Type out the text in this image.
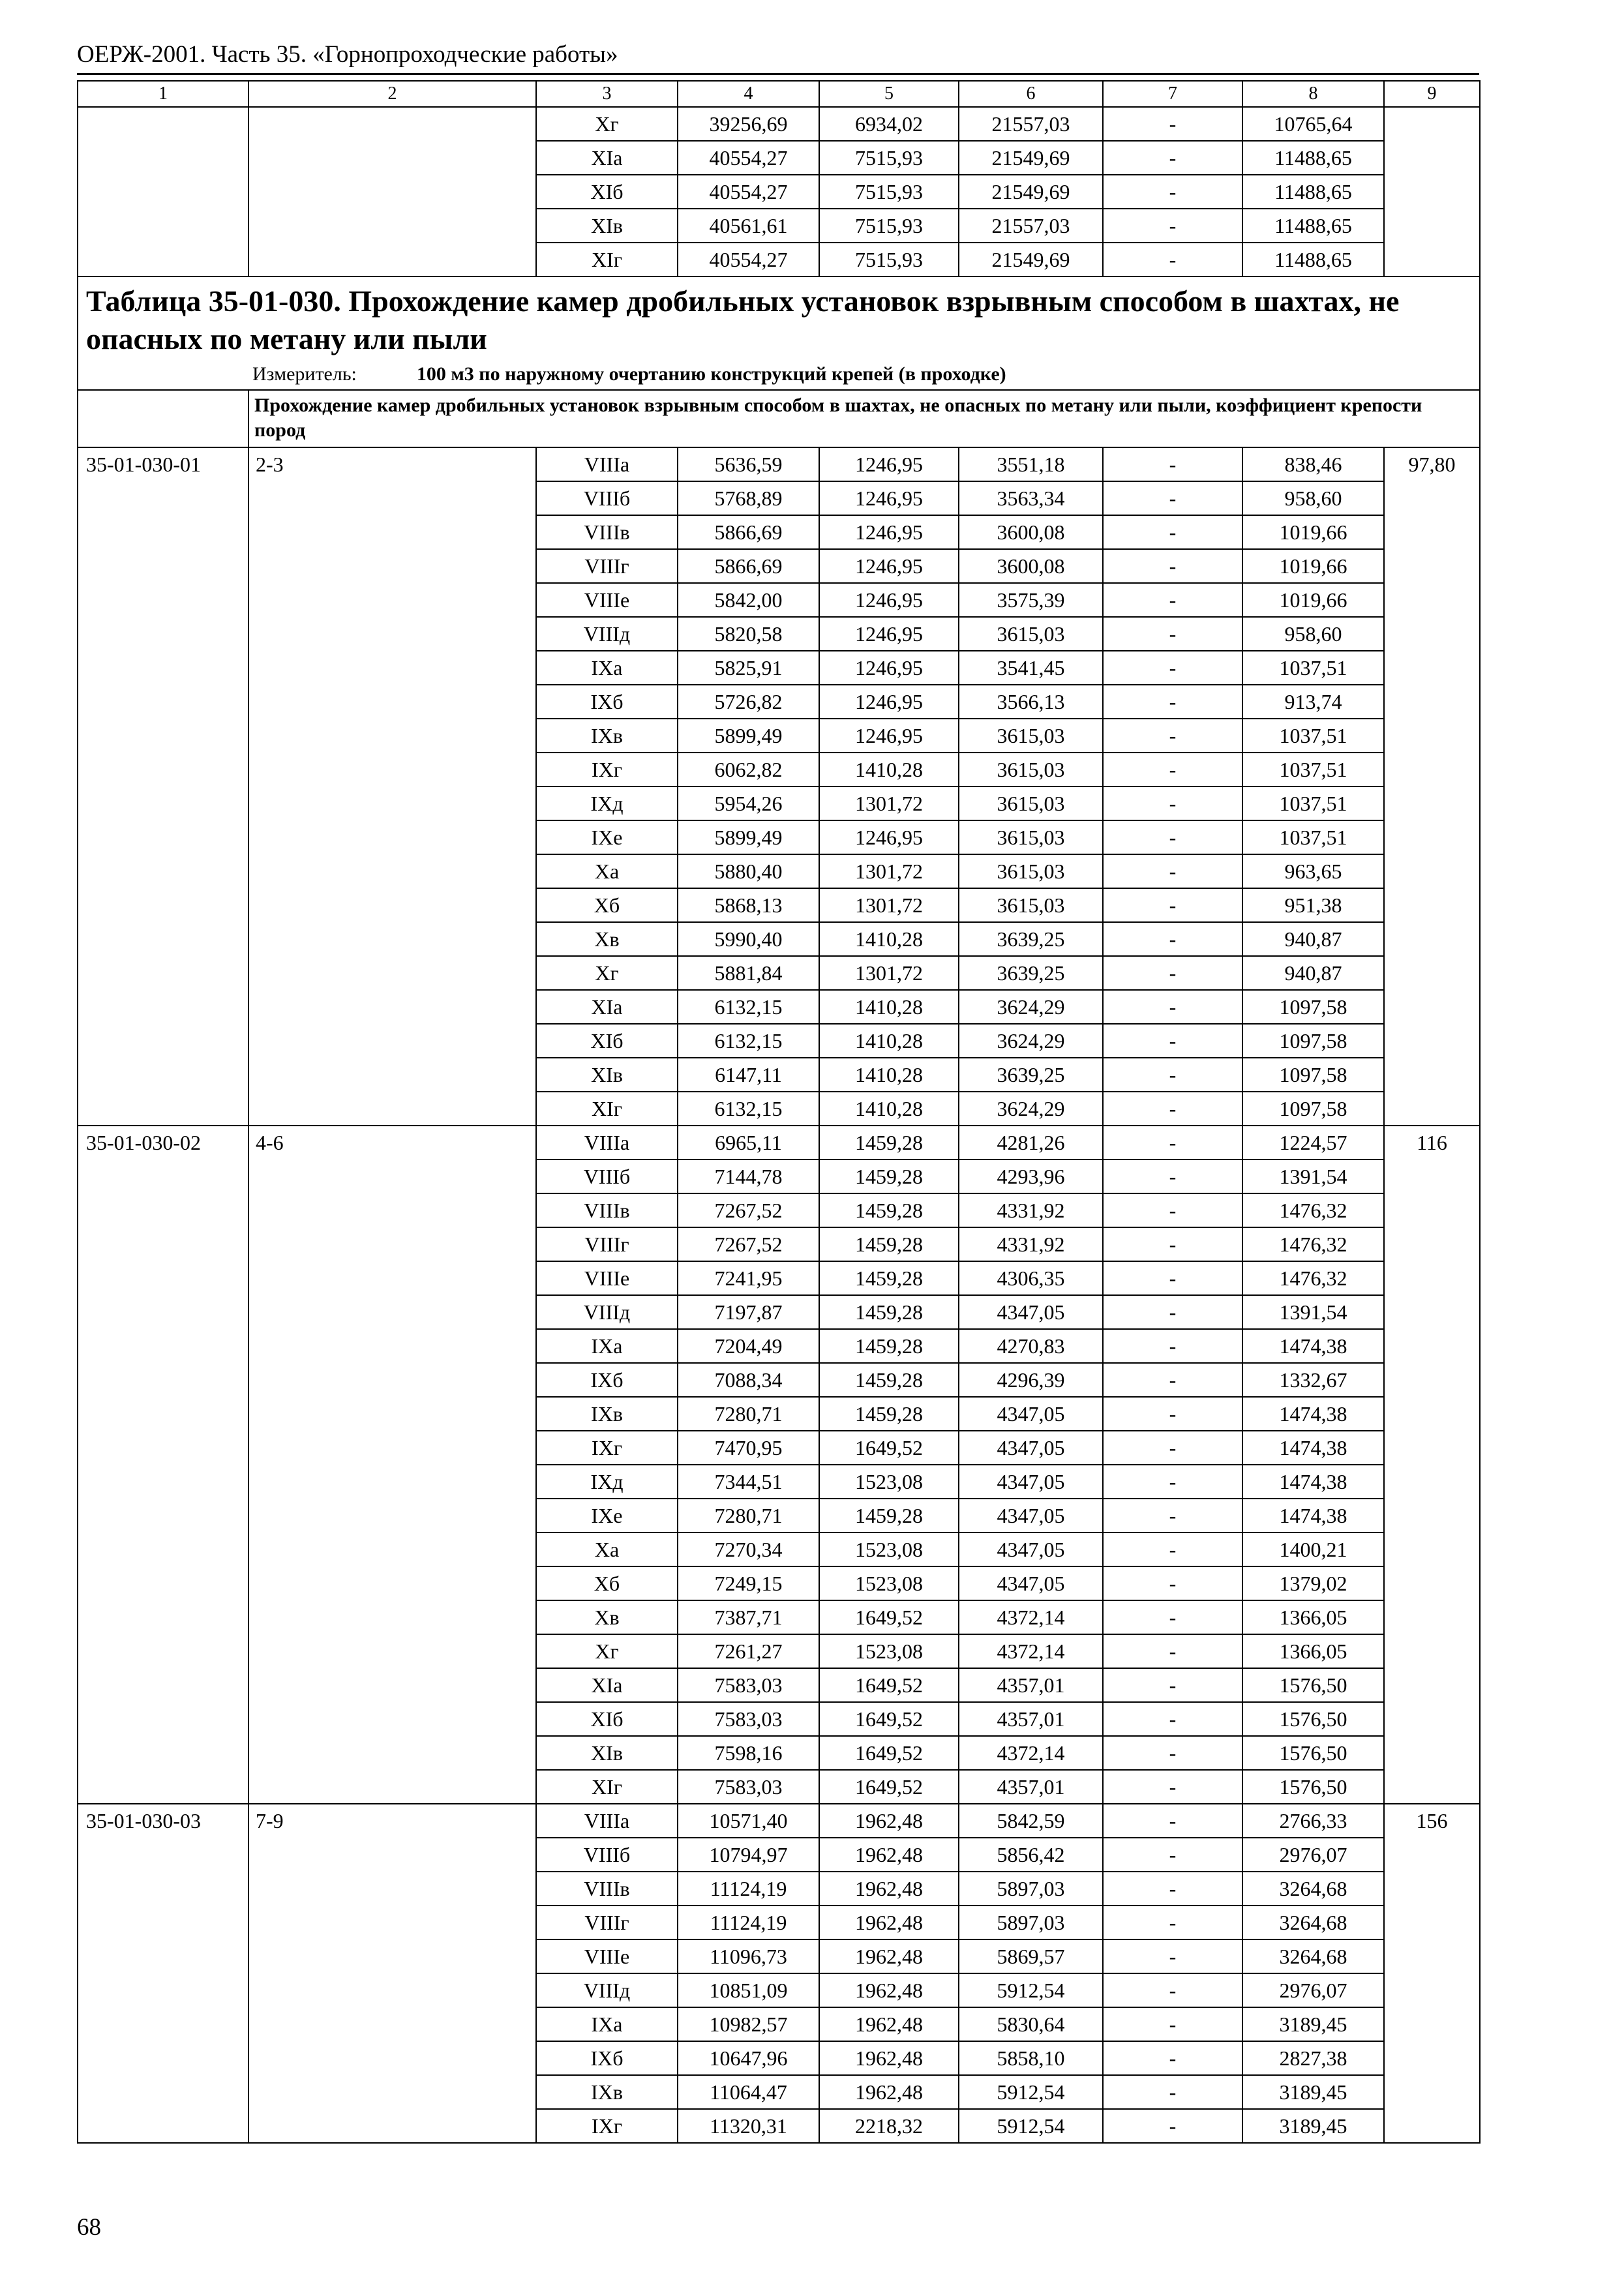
ОЕРЖ-2001. Часть 35. «Горнопроходческие работы»
1	2	3	4	5	6	7	8	9
		Хг	39256,69	6934,02	21557,03	-	10765,64	
		XIа	40554,27	7515,93	21549,69	-	11488,65	
		XIб	40554,27	7515,93	21549,69	-	11488,65	
		XIв	40561,61	7515,93	21557,03	-	11488,65	
		XIг	40554,27	7515,93	21549,69	-	11488,65	

Таблица 35-01-030. Прохождение камер дробильных установок взрывным способом в шахтах, не опасных по метану или пыли								

	Измеритель: 100 м3 по наружному очертанию конструкций крепей (в проходке)							
	Прохождение камер дробильных установок взрывным способом в шахтах, не опасных по метану или пыли, коэффициент крепости пород							
35-01-030-01	2-3	VIIIа	5636,59	1246,95	3551,18	-	838,46	97,80
		VIIIб	5768,89	1246,95	3563,34	-	958,60	
		VIIIв	5866,69	1246,95	3600,08	-	1019,66	
		VIIIг	5866,69	1246,95	3600,08	-	1019,66	
		VIIIе	5842,00	1246,95	3575,39	-	1019,66	
		VIIIд	5820,58	1246,95	3615,03	-	958,60	
		IXа	5825,91	1246,95	3541,45	-	1037,51	
		IXб	5726,82	1246,95	3566,13	-	913,74	
		IXв	5899,49	1246,95	3615,03	-	1037,51	
		IXг	6062,82	1410,28	3615,03	-	1037,51	
		IXд	5954,26	1301,72	3615,03	-	1037,51	
		IXе	5899,49	1246,95	3615,03	-	1037,51	
		Ха	5880,40	1301,72	3615,03	-	963,65	
		Хб	5868,13	1301,72	3615,03	-	951,38	
		Хв	5990,40	1410,28	3639,25	-	940,87	
		Хг	5881,84	1301,72	3639,25	-	940,87	
		XIа	6132,15	1410,28	3624,29	-	1097,58	
		XIб	6132,15	1410,28	3624,29	-	1097,58	
		XIв	6147,11	1410,28	3639,25	-	1097,58	
		XIг	6132,15	1410,28	3624,29	-	1097,58	
35-01-030-02	4-6	VIIIа	6965,11	1459,28	4281,26	-	1224,57	116
		VIIIб	7144,78	1459,28	4293,96	-	1391,54	
		VIIIв	7267,52	1459,28	4331,92	-	1476,32	
		VIIIг	7267,52	1459,28	4331,92	-	1476,32	
		VIIIе	7241,95	1459,28	4306,35	-	1476,32	
		VIIIд	7197,87	1459,28	4347,05	-	1391,54	
		IXа	7204,49	1459,28	4270,83	-	1474,38	
		IXб	7088,34	1459,28	4296,39	-	1332,67	
		IXв	7280,71	1459,28	4347,05	-	1474,38	
		IXг	7470,95	1649,52	4347,05	-	1474,38	
		IXд	7344,51	1523,08	4347,05	-	1474,38	
		IXе	7280,71	1459,28	4347,05	-	1474,38	
		Ха	7270,34	1523,08	4347,05	-	1400,21	
		Хб	7249,15	1523,08	4347,05	-	1379,02	
		Хв	7387,71	1649,52	4372,14	-	1366,05	
		Хг	7261,27	1523,08	4372,14	-	1366,05	
		XIа	7583,03	1649,52	4357,01	-	1576,50	
		XIб	7583,03	1649,52	4357,01	-	1576,50	
		XIв	7598,16	1649,52	4372,14	-	1576,50	
		XIг	7583,03	1649,52	4357,01	-	1576,50	
35-01-030-03	7-9	VIIIа	10571,40	1962,48	5842,59	-	2766,33	156
		VIIIб	10794,97	1962,48	5856,42	-	2976,07	
		VIIIв	11124,19	1962,48	5897,03	-	3264,68	
		VIIIг	11124,19	1962,48	5897,03	-	3264,68	
		VIIIе	11096,73	1962,48	5869,57	-	3264,68	
		VIIIд	10851,09	1962,48	5912,54	-	2976,07	
		IXа	10982,57	1962,48	5830,64	-	3189,45	
		IXб	10647,96	1962,48	5858,10	-	2827,38	
		IXв	11064,47	1962,48	5912,54	-	3189,45	
		IXг	11320,31	2218,32	5912,54	-	3189,45	
68
